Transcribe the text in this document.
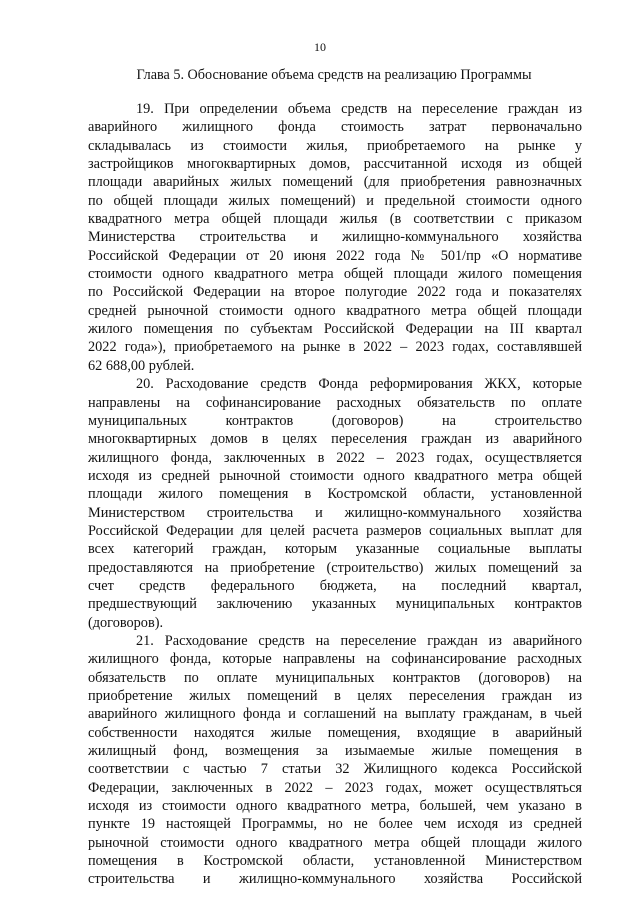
10
Глава 5. Обоснование объема средств на реализацию Программы
19. При определении объема средств на переселение граждан из
аварийного жилищного фонда стоимость затрат первоначально
складывалась из стоимости жилья, приобретаемого на рынке у
застройщиков многоквартирных домов, рассчитанной исходя из общей
площади аварийных жилых помещений (для приобретения равнозначных
по общей площади жилых помещений) и предельной стоимости одного
квадратного метра общей площади жилья (в соответствии с приказом
Министерства строительства и жилищно-коммунального хозяйства
Российской Федерации от 20 июня 2022 года № 501/пр «О нормативе
стоимости одного квадратного метра общей площади жилого помещения
по Российской Федерации на второе полугодие 2022 года и показателях
средней рыночной стоимости одного квадратного метра общей площади
жилого помещения по субъектам Российской Федерации на III квартал
2022 года»), приобретаемого на рынке в 2022 – 2023 годах, составлявшей
62 688,00 рублей.
20. Расходование средств Фонда реформирования ЖКХ, которые
направлены на софинансирование расходных обязательств по оплате
муниципальных контрактов (договоров) на строительство
многоквартирных домов в целях переселения граждан из аварийного
жилищного фонда, заключенных в 2022 – 2023 годах, осуществляется
исходя из средней рыночной стоимости одного квадратного метра общей
площади жилого помещения в Костромской области, установленной
Министерством строительства и жилищно-коммунального хозяйства
Российской Федерации для целей расчета размеров социальных выплат для
всех категорий граждан, которым указанные социальные выплаты
предоставляются на приобретение (строительство) жилых помещений за
счет средств федерального бюджета, на последний квартал,
предшествующий заключению указанных муниципальных контрактов
(договоров).
21. Расходование средств на переселение граждан из аварийного
жилищного фонда, которые направлены на софинансирование расходных
обязательств по оплате муниципальных контрактов (договоров) на
приобретение жилых помещений в целях переселения граждан из
аварийного жилищного фонда и соглашений на выплату гражданам, в чьей
собственности находятся жилые помещения, входящие в аварийный
жилищный фонд, возмещения за изымаемые жилые помещения в
соответствии с частью 7 статьи 32 Жилищного кодекса Российской
Федерации, заключенных в 2022 – 2023 годах, может осуществляться
исходя из стоимости одного квадратного метра, большей, чем указано в
пункте 19 настоящей Программы, но не более чем исходя из средней
рыночной стоимости одного квадратного метра общей площади жилого
помещения в Костромской области, установленной Министерством
строительства и жилищно-коммунального хозяйства Российской
